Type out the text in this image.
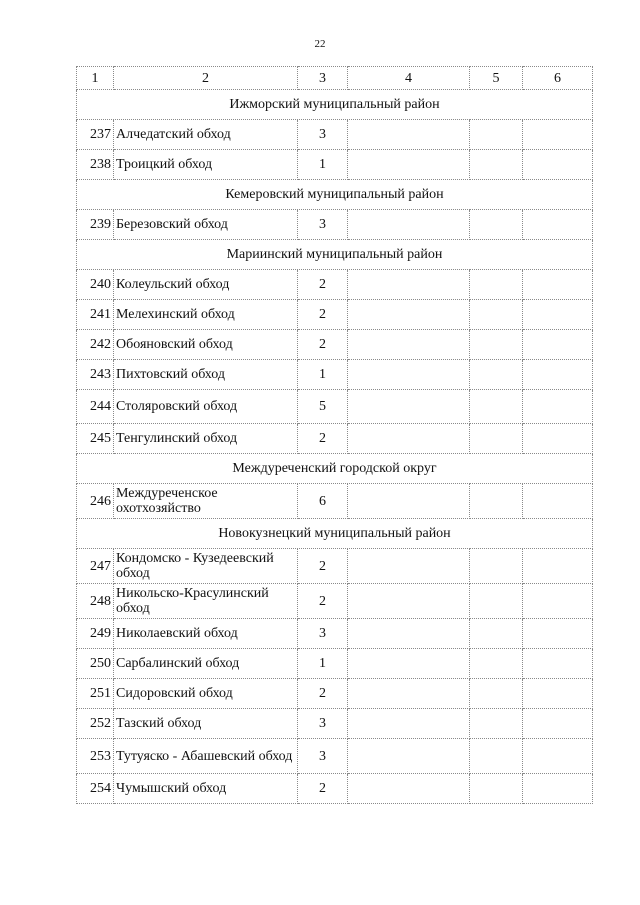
22
1	2	3	4	5	6
Ижморский муниципальный район					
237	Алчедатский обход	3			
238	Троицкий обход	1			
Кемеровский муниципальный район					
239	Березовский обход	3			
Мариинский муниципальный район					
240	Колеульский обход	2			
241	Мелехинский обход	2			
242	Обояновский обход	2			
243	Пихтовский обход	1			
244	Столяровский обход	5			
245	Тенгулинский обход	2			
Междуреченский городской округ					
246	Междуреченское охотхозяйство	6			
Новокузнецкий муниципальный район					
247	Кондомско - Кузедеевский обход	2			
248	Никольско-Красулинский обход	2			
249	Николаевский обход	3			
250	Сарбалинский обход	1			
251	Сидоровский обход	2			
252	Тазский обход	3			
253	Тутуяско - Абашевский обход	3			
254	Чумышский обход	2			
